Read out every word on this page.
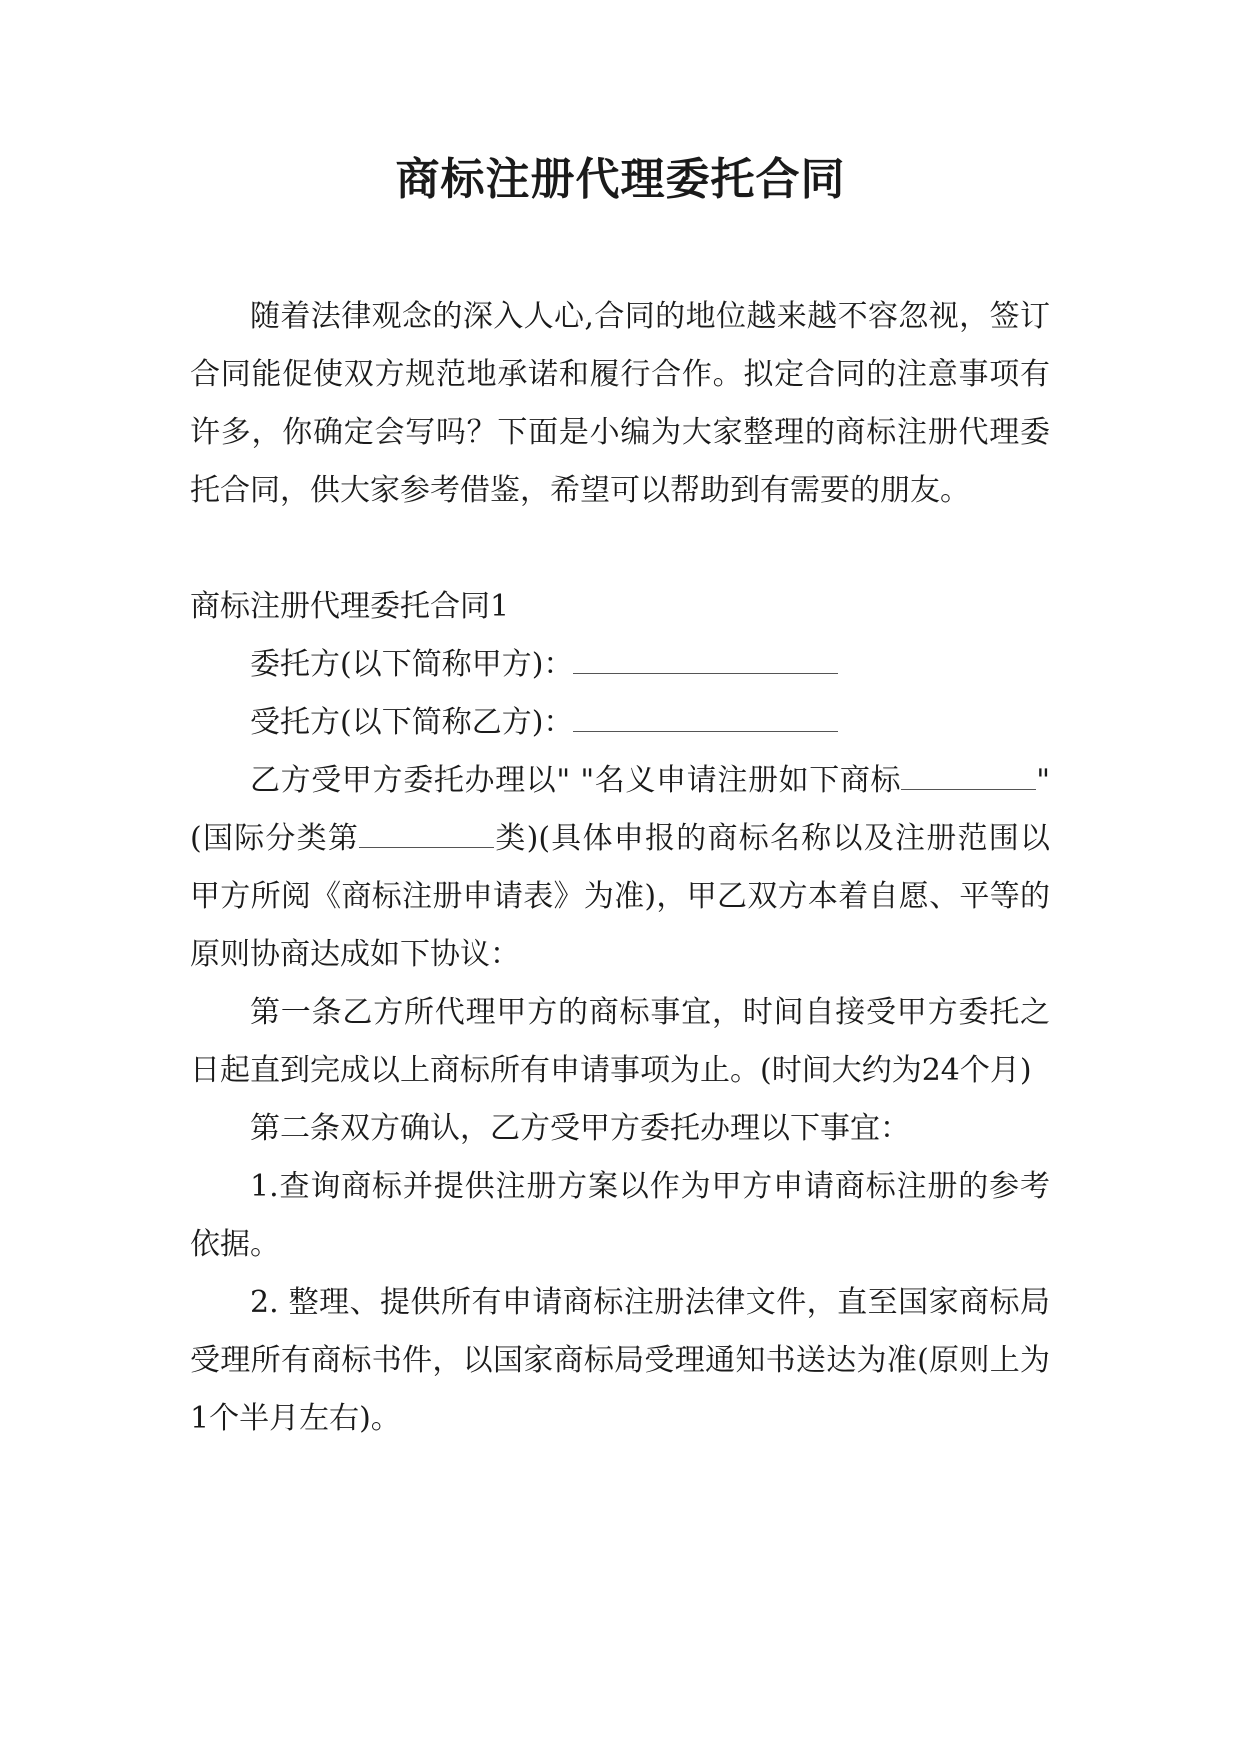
商标注册代理委托合同

随着法律观念的深入人心,合同的地位越来越不容忽视，签订合同能促使双方规范地承诺和履行合作。拟定合同的注意事项有许多，你确定会写吗？下面是小编为大家整理的商标注册代理委托合同，供大家参考借鉴，希望可以帮助到有需要的朋友。

商标注册代理委托合同1

委托方(以下简称甲方)：

受托方(以下简称乙方)：

乙方受甲方委托办理以" "名义申请注册如下商标	"(国际分类第	类)(具体申报的商标名称以及注册范围以甲方所阅《商标注册申请表》为准)，甲乙双方本着自愿、平等的原则协商达成如下协议：

第一条乙方所代理甲方的商标事宜，时间自接受甲方委托之日起直到完成以上商标所有申请事项为止。(时间大约为24个月)

第二条双方确认，乙方受甲方委托办理以下事宜：

1.查询商标并提供注册方案以作为甲方申请商标注册的参考依据。

2. 整理、提供所有申请商标注册法律文件，直至国家商标局受理所有商标书件，以国家商标局受理通知书送达为准(原则上为1个半月左右)。
